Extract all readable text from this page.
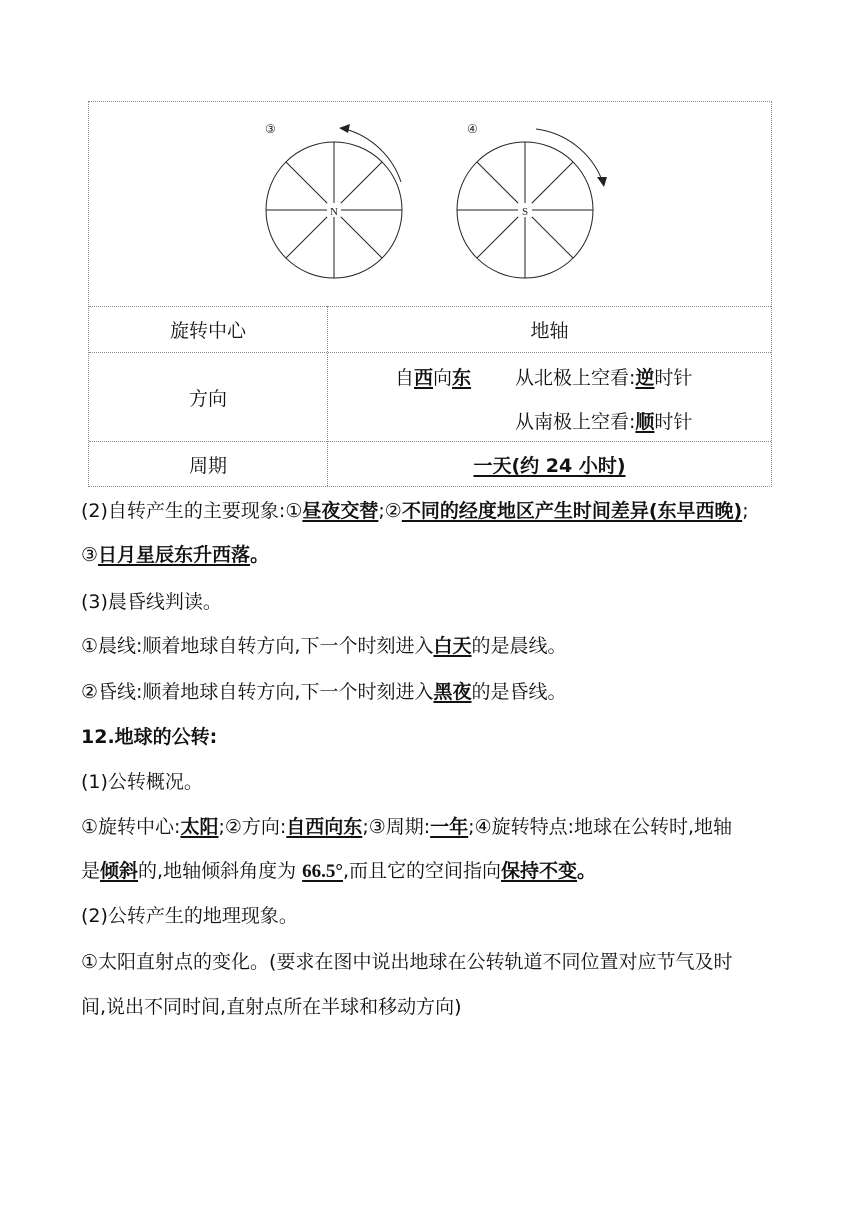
③
N
④
S
旋转中心	地轴
方向
自 西 向 东 从北极上空看: 逆 时针
从南极上空看: 顺 时针
周期	一天(约 24 小时)
(2)自转产生的主要现象:①昼夜交替;②不同的经度地区产生时间差异(东早西晚);
③日月星辰东升西落。
(3)晨昏线判读。
①晨线:顺着地球自转方向,下一个时刻进入白天的是晨线。
②昏线:顺着地球自转方向,下一个时刻进入黑夜的是昏线。
12.地球的公转:
(1)公转概况。
①旋转中心:太阳;②方向:自西向东;③周期:一年;④旋转特点:地球在公转时,地轴
是倾斜的,地轴倾斜角度为 66.5°,而且它的空间指向保持不变。
(2)公转产生的地理现象。
①太阳直射点的变化。(要求在图中说出地球在公转轨道不同位置对应节气及时
间,说出不同时间,直射点所在半球和移动方向)
